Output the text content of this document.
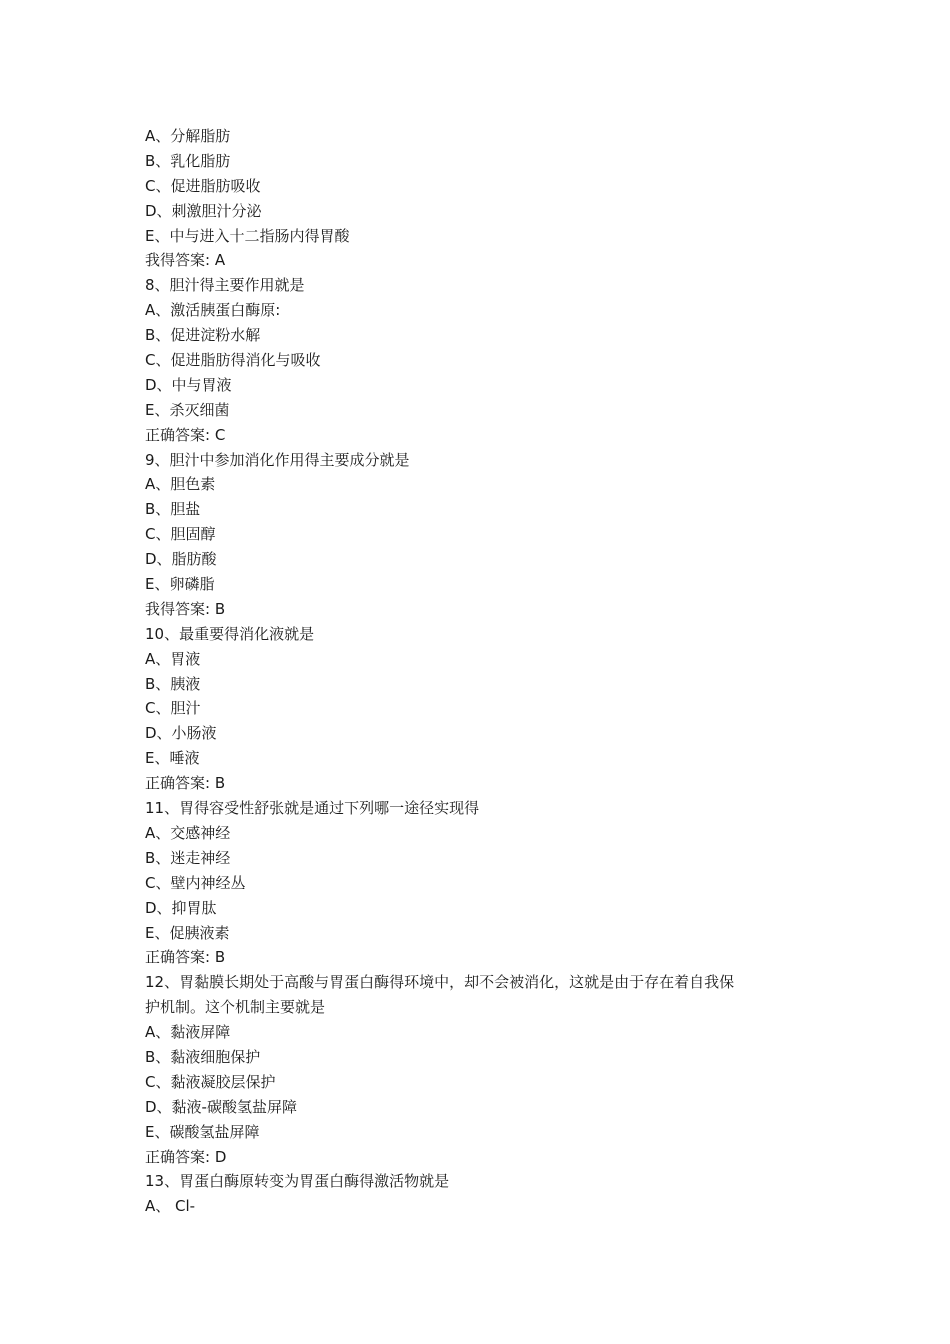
A、分解脂肪
B、乳化脂肪
C、促进脂肪吸收
D、刺激胆汁分泌
E、中与进入十二指肠内得胃酸
我得答案: A
8、胆汁得主要作用就是
A、激活胰蛋白酶原:
B、促进淀粉水解
C、促进脂肪得消化与吸收
D、中与胃液
E、杀灭细菌
正确答案: C
9、胆汁中参加消化作用得主要成分就是
A、胆色素
B、胆盐
C、胆固醇
D、脂肪酸
E、卵磷脂
我得答案: B
10、最重要得消化液就是
A、胃液
B、胰液
C、胆汁
D、小肠液
E、唾液
正确答案: B
11、胃得容受性舒张就是通过下列哪一途径实现得
A、交感神经
B、迷走神经
C、壁内神经丛
D、抑胃肽
E、促胰液素
正确答案: B
12、胃黏膜长期处于高酸与胃蛋白酶得环境中，却不会被消化，这就是由于存在着自我保
护机制。这个机制主要就是
A、黏液屏障
B、黏液细胞保护
C、黏液凝胶层保护
D、黏液-碳酸氢盐屏障
E、碳酸氢盐屏障
正确答案: D
13、胃蛋白酶原转变为胃蛋白酶得激活物就是
A、 Cl-
